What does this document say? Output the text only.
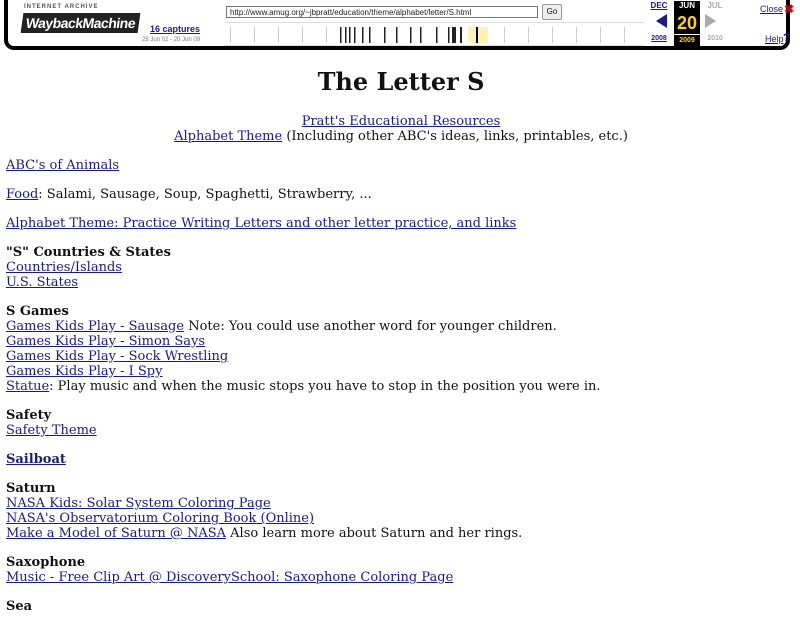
INTERNET ARCHIVE
WaybackMachine	16 captures
28 Jun 02 - 20 Jun 09
http://www.amug.org/~jbpratt/education/theme/alphabet/letter/S.html
Go
DEC	JUN	JUL
20
2008	2009	2010
Close ✖
Help ?
The Letter S
Pratt's Educational Resources
Alphabet Theme (Including other ABC's ideas, links, printables, etc.)
ABC's of Animals
Food: Salami, Sausage, Soup, Spaghetti, Strawberry, ...
Alphabet Theme: Practice Writing Letters and other letter practice, and links
"S" Countries & States
Countries/Islands
U.S. States
S Games
Games Kids Play - Sausage Note: You could use another word for younger children.
Games Kids Play - Simon Says
Games Kids Play - Sock Wrestling
Games Kids Play - I Spy
Statue: Play music and when the music stops you have to stop in the position you were in.
Safety
Safety Theme
Sailboat
Saturn
NASA Kids: Solar System Coloring Page
NASA's Observatorium Coloring Book (Online)
Make a Model of Saturn @ NASA Also learn more about Saturn and her rings.
Saxophone
Music - Free Clip Art @ DiscoverySchool: Saxophone Coloring Page
Sea
